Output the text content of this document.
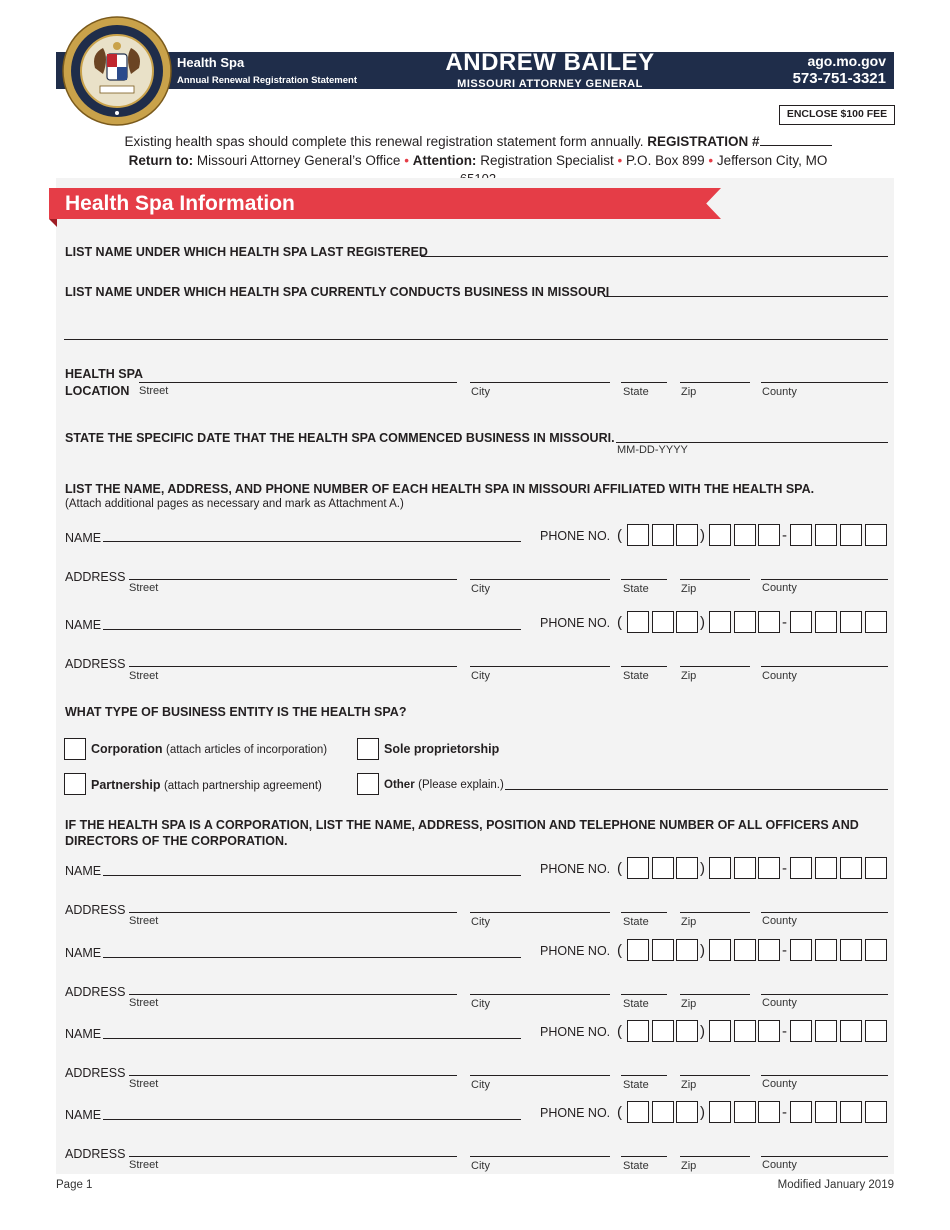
Health Spa
Annual Renewal Registration Statement
ANDREW BAILEY
MISSOURI ATTORNEY GENERAL
ago.mo.gov
573-751-3321
ENCLOSE $100 FEE
Existing health spas should complete this renewal registration statement form annually. REGISTRATION #
Return to: Missouri Attorney General’s Office • Attention: Registration Specialist • P.O. Box 899 • Jefferson City, MO
Health Spa Information
LIST NAME UNDER WHICH HEALTH SPA LAST REGISTERED
LIST NAME UNDER WHICH HEALTH SPA CURRENTLY CONDUCTS BUSINESS IN MISSOURI
HEALTH SPA
LOCATION Street	City	State	Zip	County
STATE THE SPECIFIC DATE THAT THE HEALTH SPA COMMENCED BUSINESS IN MISSOURI.
MM-DD-YYYY
LIST THE NAME, ADDRESS, AND PHONE NUMBER OF EACH HEALTH SPA IN MISSOURI AFFILIATED WITH THE HEALTH SPA.
(Attach additional pages as necessary and mark as Attachment A.)
NAME	PHONE NO. (	)	-
ADDRESS
Street	City	State	Zip	County
NAME	PHONE NO. (	)	-
ADDRESS
Street	City	State	Zip	County
WHAT TYPE OF BUSINESS ENTITY IS THE HEALTH SPA?
Corporation (attach articles of incorporation)	Sole proprietorship
Partnership (attach partnership agreement)	Other (Please explain.)
IF THE HEALTH SPA IS A CORPORATION, LIST THE NAME, ADDRESS, POSITION AND TELEPHONE NUMBER OF ALL OFFICERS AND
DIRECTORS OF THE CORPORATION.
NAME	PHONE NO. (	)	-
ADDRESS
Street	City	State	Zip	County
NAME	PHONE NO. (	)	-
ADDRESS
Street	City	State	Zip	County
NAME	PHONE NO. (	)	-
ADDRESS
Street	City	State	Zip	County
NAME	PHONE NO. (	)	-
ADDRESS
Street	City	State	Zip	County
Page 1	Modified January 2019
